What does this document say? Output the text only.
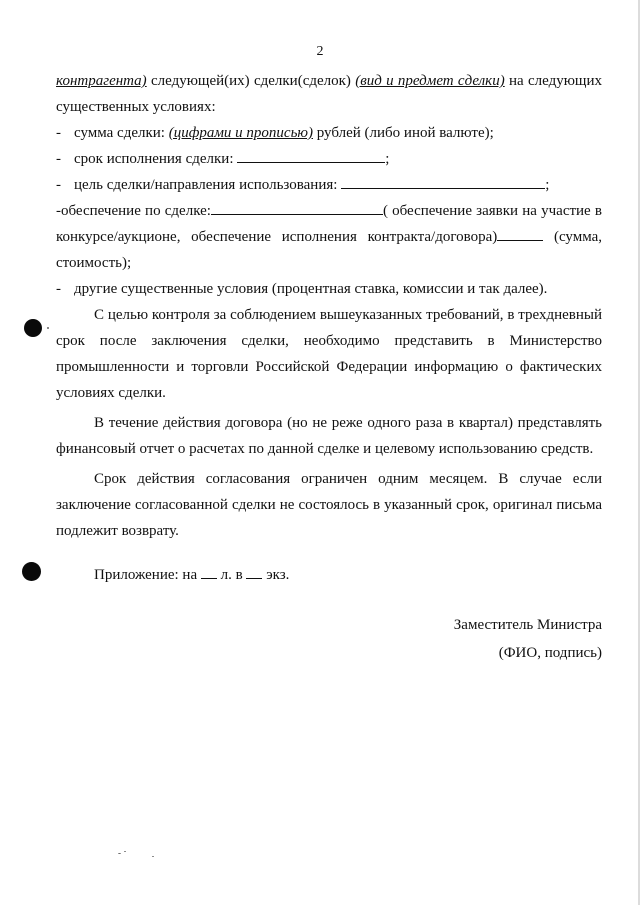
2

контрагента) следующей(их) сделки(сделок) (вид и предмет сделки) на следующих существенных условиях:

- сумма сделки: (цифрами и прописью) рублей (либо иной валюте);

- срок исполнения сделки:	;

- цель сделки/направления использования:	;

-обеспечение по сделке:	( обеспечение заявки на участие в конкурсе/аукционе, обеспечение исполнения контракта/договора)	(сумма, стоимость);

- другие существенные условия (процентная ставка, комиссии и так далее).

С целью контроля за соблюдением вышеуказанных требований, в трехдневный срок после заключения сделки, необходимо представить в Министерство промышленности и торговли Российской Федерации информацию о фактических условиях сделки.

В течение действия договора (но не реже одного раза в квартал) представлять финансовый отчет о расчетах по данной сделке и целевому использованию средств.

Срок действия согласования ограничен одним месяцем. В случае если заключение согласованной сделки не состоялось в указанный срок, оригинал письма подлежит возврату.

Приложение: на  л. в  экз.
Заместитель Министра
(ФИО, подпись)
